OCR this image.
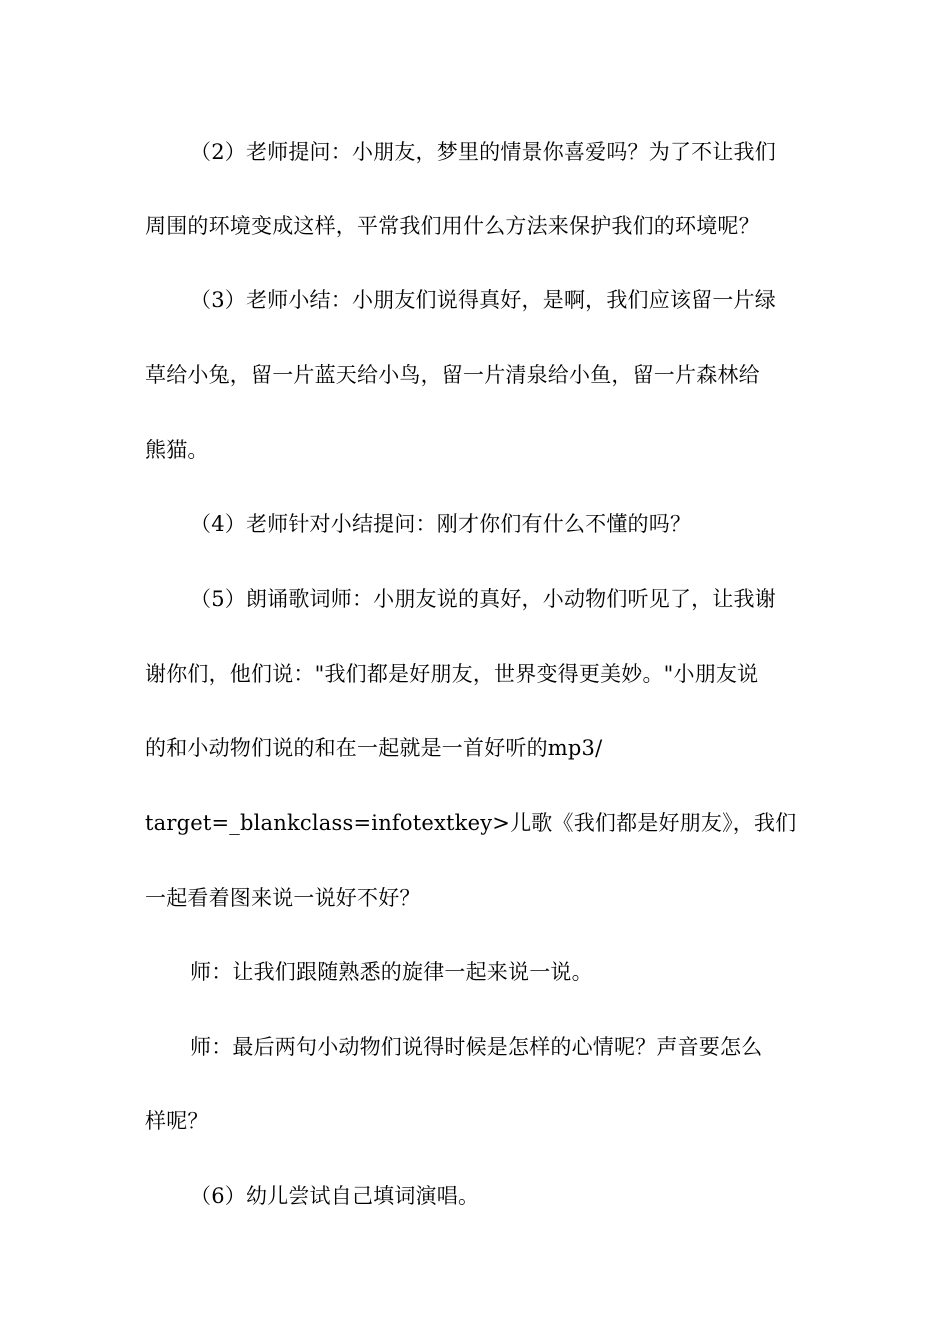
（2）老师提问：小朋友，梦里的情景你喜爱吗？为了不让我们
周围的环境变成这样，平常我们用什么方法来保护我们的环境呢？
（3）老师小结：小朋友们说得真好，是啊，我们应该留一片绿
草给小兔，留一片蓝天给小鸟，留一片清泉给小鱼，留一片森林给
熊猫。
（4）老师针对小结提问：刚才你们有什么不懂的吗？
（5）朗诵歌词师：小朋友说的真好，小动物们听见了，让我谢
谢你们，他们说："我们都是好朋友，世界变得更美妙。"小朋友说
的和小动物们说的和在一起就是一首好听的mp3/
target=_blankclass=infotextkey>儿歌《我们都是好朋友》，我们
一起看着图来说一说好不好？
师：让我们跟随熟悉的旋律一起来说一说。
师：最后两句小动物们说得时候是怎样的心情呢？声音要怎么
样呢？
（6）幼儿尝试自己填词演唱。
